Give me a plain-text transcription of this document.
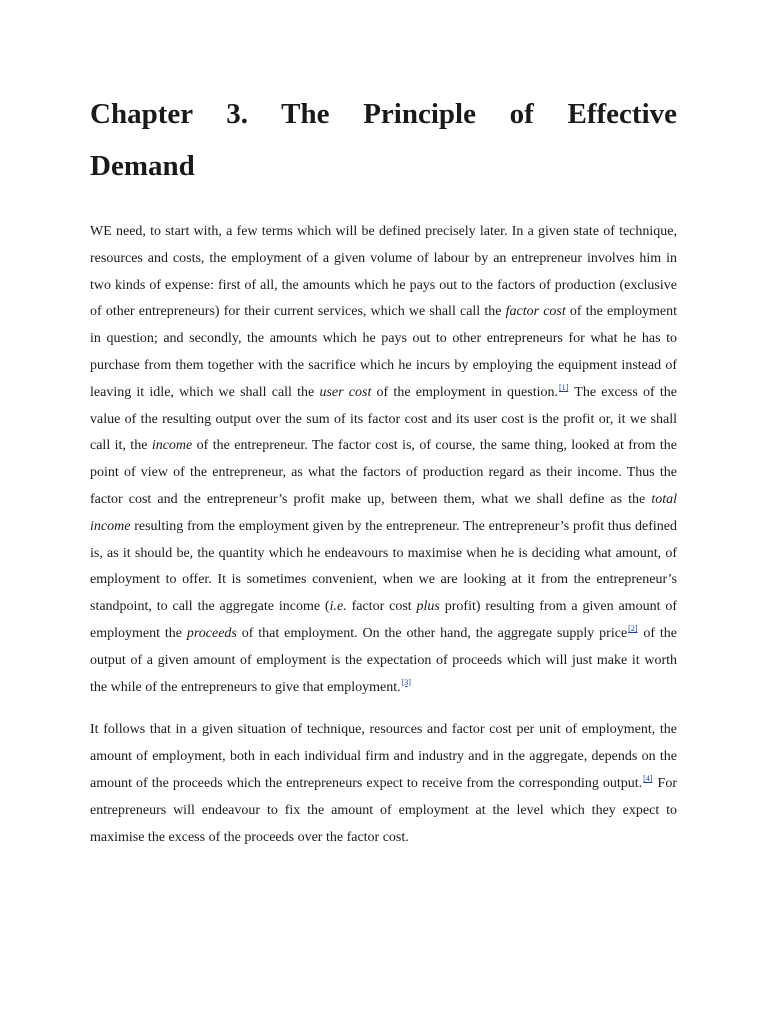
Chapter 3. The Principle of Effective
Demand

WE need, to start with, a few terms which will be defined precisely later. In a given state of technique, resources and costs, the employment of a given volume of labour by an entrepreneur involves him in two kinds of expense: first of all, the amounts which he pays out to the factors of production (exclusive of other entrepreneurs) for their current services, which we shall call the factor cost of the employment in question; and secondly, the amounts which he pays out to other entrepreneurs for what he has to purchase from them together with the sacrifice which he incurs by employing the equipment instead of leaving it idle, which we shall call the user cost of the employment in question.[1] The excess of the value of the resulting output over the sum of its factor cost and its user cost is the profit or, it we shall call it, the income of the entrepreneur. The factor cost is, of course, the same thing, looked at from the point of view of the entrepreneur, as what the factors of production regard as their income. Thus the factor cost and the entrepreneur’s profit make up, between them, what we shall define as the total income resulting from the employment given by the entrepreneur. The entrepreneur’s profit thus defined is, as it should be, the quantity which he endeavours to maximise when he is deciding what amount, of employment to offer. It is sometimes convenient, when we are looking at it from the entrepreneur’s standpoint, to call the aggregate income (i.e. factor cost plus profit) resulting from a given amount of employment the proceeds of that employment. On the other hand, the aggregate supply price[2] of the output of a given amount of employment is the expectation of proceeds which will just make it worth the while of the entrepreneurs to give that employment.[3]

It follows that in a given situation of technique, resources and factor cost per unit of employment, the amount of employment, both in each individual firm and industry and in the aggregate, depends on the amount of the proceeds which the entrepreneurs expect to receive from the corresponding output.[4] For entrepreneurs will endeavour to fix the amount of employment at the level which they expect to maximise the excess of the proceeds over the factor cost.
